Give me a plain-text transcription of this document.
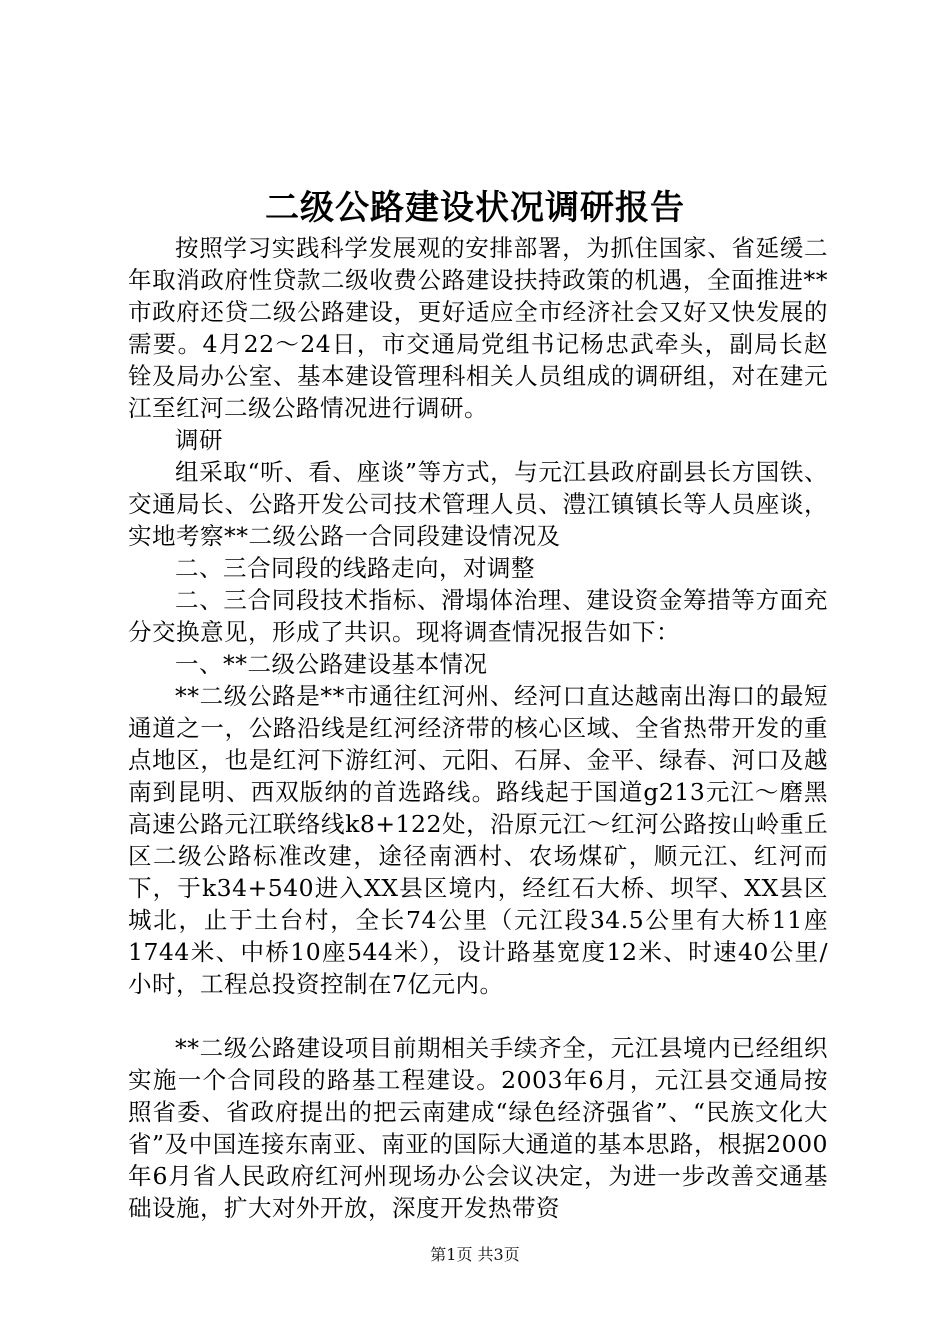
二级公路建设状况调研报告

按照学习实践科学发展观的安排部署，为抓住国家、省延缓二年取消政府性贷款二级收费公路建设扶持政策的机遇，全面推进**市政府还贷二级公路建设，更好适应全市经济社会又好又快发展的需要。4月22～24日，市交通局党组书记杨忠武牵头，副局长赵铨及局办公室、基本建设管理科相关人员组成的调研组，对在建元江至红河二级公路情况进行调研。

调研

组采取“听、看、座谈”等方式，与元江县政府副县长方国铁、交通局长、公路开发公司技术管理人员、澧江镇镇长等人员座谈，实地考察**二级公路一合同段建设情况及

二、三合同段的线路走向，对调整

二、三合同段技术指标、滑塌体治理、建设资金筹措等方面充分交换意见，形成了共识。现将调查情况报告如下：

一、**二级公路建设基本情况

**二级公路是**市通往红河州、经河口直达越南出海口的最短通道之一，公路沿线是红河经济带的核心区域、全省热带开发的重点地区，也是红河下游红河、元阳、石屏、金平、绿春、河口及越南到昆明、西双版纳的首选路线。路线起于国道g213元江～磨黑高速公路元江联络线k8+122处，沿原元江～红河公路按山岭重丘区二级公路标准改建，途径南洒村、农场煤矿，顺元江、红河而下，于k34+540进入XX县区境内，经红石大桥、坝罕、XX县区城北，止于土台村，全长74公里（元江段34.5公里有大桥11座1744米、中桥10座544米），设计路基宽度12米、时速40公里/小时，工程总投资控制在7亿元内。

**二级公路建设项目前期相关手续齐全，元江县境内已经组织实施一个合同段的路基工程建设。2003年6月，元江县交通局按照省委、省政府提出的把云南建成“绿色经济强省”、“民族文化大省”及中国连接东南亚、南亚的国际大通道的基本思路，根据2000年6月省人民政府红河州现场办公会议决定，为进一步改善交通基础设施，扩大对外开放，深度开发热带资

第1页 共3页
